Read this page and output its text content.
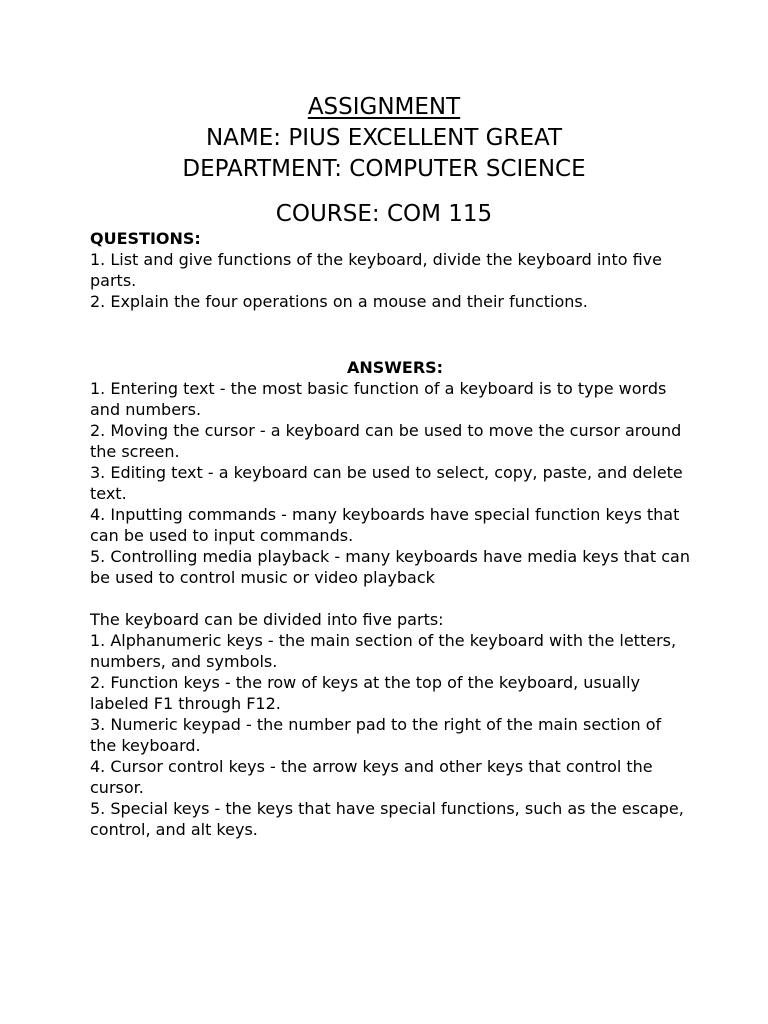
ASSIGNMENT
NAME: PIUS EXCELLENT GREAT
DEPARTMENT: COMPUTER SCIENCE
COURSE: COM 115

QUESTIONS:

1. List and give functions of the keyboard, divide the keyboard into five parts.

2. Explain the four operations on a mouse and their functions.

ANSWERS:

1. Entering text - the most basic function of a keyboard is to type words and numbers.

2. Moving the cursor - a keyboard can be used to move the cursor around the screen.

3. Editing text - a keyboard can be used to select, copy, paste, and delete text.

4. Inputting commands - many keyboards have special function keys that can be used to input commands.

5. Controlling media playback - many keyboards have media keys that can be used to control music or video playback

The keyboard can be divided into five parts:

1. Alphanumeric keys - the main section of the keyboard with the letters, numbers, and symbols.

2. Function keys - the row of keys at the top of the keyboard, usually labeled F1 through F12.

3. Numeric keypad - the number pad to the right of the main section of the keyboard.

4. Cursor control keys - the arrow keys and other keys that control the cursor.

5. Special keys - the keys that have special functions, such as the escape, control, and alt keys.
